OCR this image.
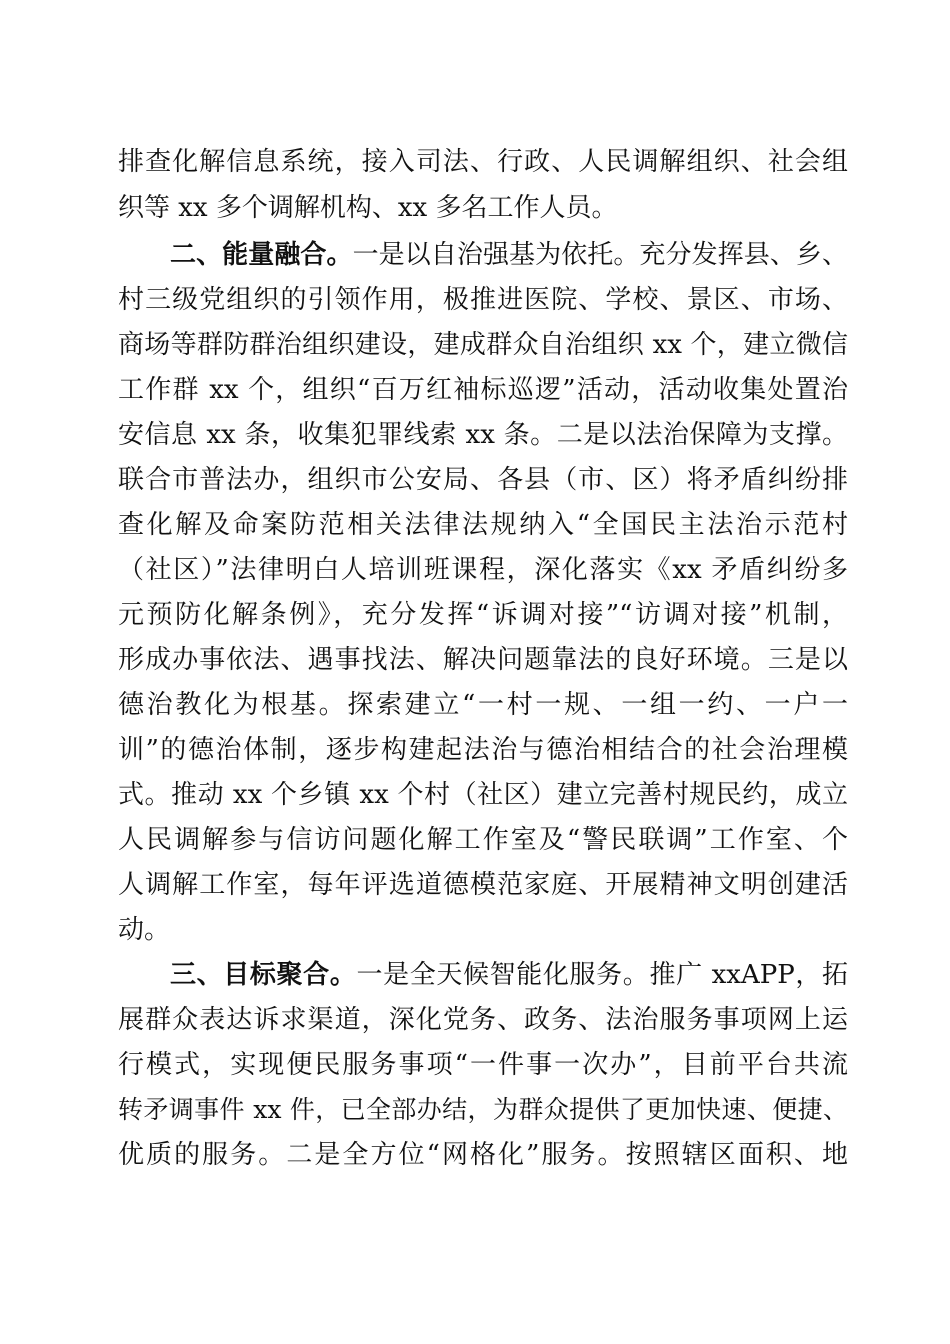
排查化解信息系统，接入司法、行政、人民调解组织、社会组
织等 xx 多个调解机构、xx 多名工作人员。
二、能量融合。一是以自治强基为依托。充分发挥县、乡、
村三级党组织的引领作用，极推进医院、学校、景区、市场、
商场等群防群治组织建设，建成群众自治组织 xx 个，建立微信
工作群 xx 个，组织“百万红袖标巡逻”活动，活动收集处置治
安信息 xx 条，收集犯罪线索 xx 条。二是以法治保障为支撑。
联合市普法办，组织市公安局、各县（市、区）将矛盾纠纷排
查化解及命案防范相关法律法规纳入“全国民主法治示范村
（社区）”法律明白人培训班课程，深化落实《xx 矛盾纠纷多
元预防化解条例》，充分发挥“诉调对接”“访调对接”机制，
形成办事依法、遇事找法、解决问题靠法的良好环境。三是以
德治教化为根基。探索建立“一村一规、一组一约、一户一
训”的德治体制，逐步构建起法治与德治相结合的社会治理模
式。推动 xx 个乡镇 xx 个村（社区）建立完善村规民约，成立
人民调解参与信访问题化解工作室及“警民联调”工作室、个
人调解工作室，每年评选道德模范家庭、开展精神文明创建活
动。
三、目标聚合。一是全天候智能化服务。推广 xxAPP，拓
展群众表达诉求渠道，深化党务、政务、法治服务事项网上运
行模式，实现便民服务事项“一件事一次办”，目前平台共流
转矛调事件 xx 件，已全部办结，为群众提供了更加快速、便捷、
优质的服务。二是全方位“网格化”服务。按照辖区面积、地
